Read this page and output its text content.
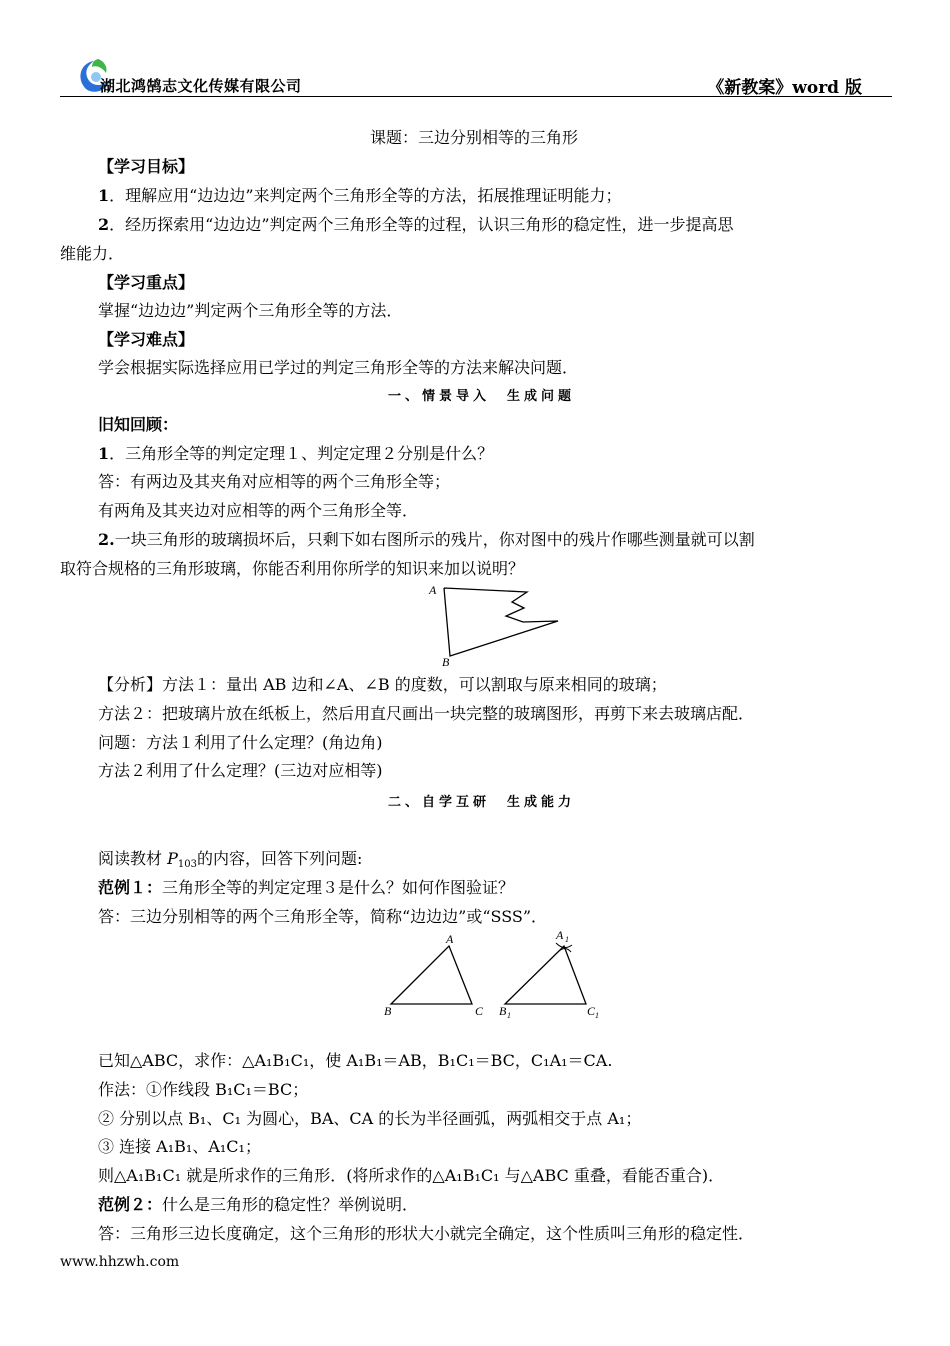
湖北鸿鹄志文化传媒有限公司	《新教案》word 版
课题：三边分别相等的三角形
【学习目标】
1．理解应用“边边边”来判定两个三角形全等的方法，拓展推理证明能力；
2．经历探索用“边边边”判定两个三角形全等的过程，认识三角形的稳定性，进一步提高思
维能力．
【学习重点】
掌握“边边边”判定两个三角形全等的方法．
【学习难点】
学会根据实际选择应用已学过的判定三角形全等的方法来解决问题．
一、情景导入　生成问题
旧知回顾：
1．三角形全等的判定定理１、判定定理２分别是什么？
答：有两边及其夹角对应相等的两个三角形全等；
有两角及其夹边对应相等的两个三角形全等．
2.一块三角形的玻璃损坏后，只剩下如右图所示的残片，你对图中的残片作哪些测量就可以割
取符合规格的三角形玻璃，你能否利用你所学的知识来加以说明？
A
B
【分析】方法１：量出 AB 边和∠A、∠B 的度数，可以割取与原来相同的玻璃；
方法２：把玻璃片放在纸板上，然后用直尺画出一块完整的玻璃图形，再剪下来去玻璃店配．
问题：方法１利用了什么定理？(角边角)
方法２利用了什么定理？(三边对应相等)
二、自学互研　生成能力
阅读教材 $P_{103}$的内容，回答下列问题:
范例１：三角形全等的判定定理３是什么？如何作图验证？
答：三边分别相等的两个三角形全等，简称“边边边”或“SSS”．
A
B	C
A 1
B 1	C 1
已知△ABC，求作：△A₁B₁C₁，使 A₁B₁＝AB，B₁C₁＝BC，C₁A₁＝CA.
作法：①作线段 B₁C₁＝BC；
② 分别以点 B₁、C₁ 为圆心，BA、CA 的长为半径画弧，两弧相交于点 A₁；
③ 连接 A₁B₁、A₁C₁；
则△A₁B₁C₁ 就是所求作的三角形．(将所求作的△A₁B₁C₁ 与△ABC 重叠，看能否重合)．
范例２：什么是三角形的稳定性？举例说明．
答：三角形三边长度确定，这个三角形的形状大小就完全确定，这个性质叫三角形的稳定性．
www.hhzwh.com
